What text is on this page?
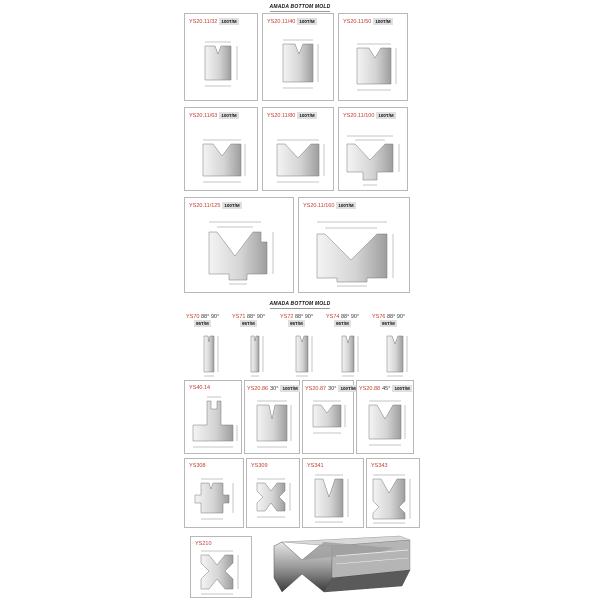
AMADA BOTTOM MOLD
YS20.11/32 100T/M	YS20.11/40 100T/M	YS20.11/50 100T/M
YS20.11/63 100T/M	YS20.11/80 100T/M	YS20.11/100 100T/M
YS20.11/125 100T/M	YS20.11/160 100T/M
AMADA BOTTOM MOLD
YS70 88° 90°
95T/M
YS71 88° 90°
95T/M
YS72 88° 90°
95T/M
YS74 88° 90°
95T/M
YS76 88° 90°
95T/M
YS40.14	YS20.86 30° 100T/M	YS20.87 30° 100T/M YS20.88 45° 100T/M
YS308	YS309	YS341	YS343
YS210
